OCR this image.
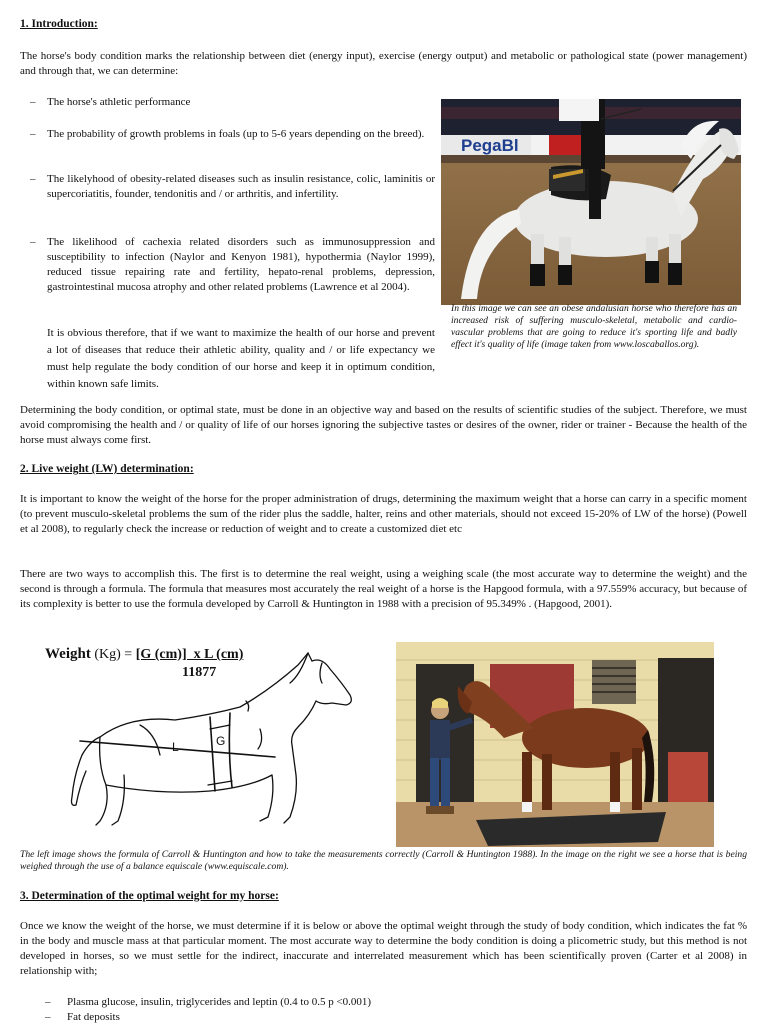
1. Introduction:

The horse's body condition marks the relationship between diet (energy input), exercise (energy output) and metabolic or pathological state (power management) and through that, we can determine:

– The horse's athletic performance
– The probability of growth problems in foals (up to 5-6 years depending on the breed).
– The likelyhood of obesity-related diseases such as insulin resistance, colic, laminitis or supercoriatitis, founder, tendonitis and / or arthritis, and infertility.
– The likelihood of cachexia related disorders such as immunosuppression and susceptibility to infection (Naylor and Kenyon 1981), hypothermia (Naylor 1999), reduced tissue repairing rate and fertility, hepato-renal problems, depression, gastrointestinal mucosa atrophy and other related problems (Lawrence et al 2004).

It is obvious therefore, that if we want to maximize the health of our horse and prevent a lot of diseases that reduce their athletic ability, quality and / or life expectancy we must help regulate the body condition of our horse and keep it in optimum condition, within known safe limits.

PegaBl
In this image we can see an obese andalusian horse who therefore has an increased risk of suffering musculo-skeletal, metabolic and cardio-vascular problems that are going to reduce it's sporting life and badly effect it's quality of life (image taken from www.loscaballos.org).

Determining the body condition, or optimal state, must be done in an objective way and based on the results of scientific studies of the subject. Therefore, we must avoid compromising the health and / or quality of life of our horses ignoring the subjective tastes or desires of the owner, rider or trainer - Because the health of the horse must always come first.

2. Live weight (LW) determination:

It is important to know the weight of the horse for the proper administration of drugs, determining the maximum weight that a horse can carry in a specific moment (to prevent musculo-skeletal problems the sum of the rider plus the saddle, halter, reins and other materials, should not exceed 15-20% of LW of the horse) (Powell et al 2008), to regularly check the increase or reduction of weight and to create a customized diet etc

There are two ways to accomplish this. The first is to determine the real weight, using a weighing scale (the most accurate way to determine the weight) and the second is through a formula. The formula that measures most accurately the real weight of a horse is the Hapgood formula, with a 97.559% accuracy, but because of its complexity is better to use the formula developed by Carroll & Huntington in 1988 with a precision of 95.349% . (Hapgood, 2001).

Weight (Kg) = [G (cm)]  x L (cm)
11877
L	G
The left image shows the formula of Carroll & Huntington and how to take the measurements correctly (Carroll & Huntington 1988). In the image on the right we see a horse that is being weighed through the use of a balance equiscale (www.equiscale.com).
3. Determination of the optimal weight for my horse:

Once we know the weight of the horse, we must determine if it is below or above the optimal weight through the study of body condition, which indicates the fat % in the body and muscle mass at that particular moment. The most accurate way to determine the body condition is doing a plicometric study, but this method is not developed in horses, so we must settle for the indirect, inaccurate and interrelated measurement which has been scientifically proven (Carter et al 2008) in relationship with;

– Plasma glucose, insulin, triglycerides and leptin (0.4 to 0.5 p <0.001)
– Fat deposits
